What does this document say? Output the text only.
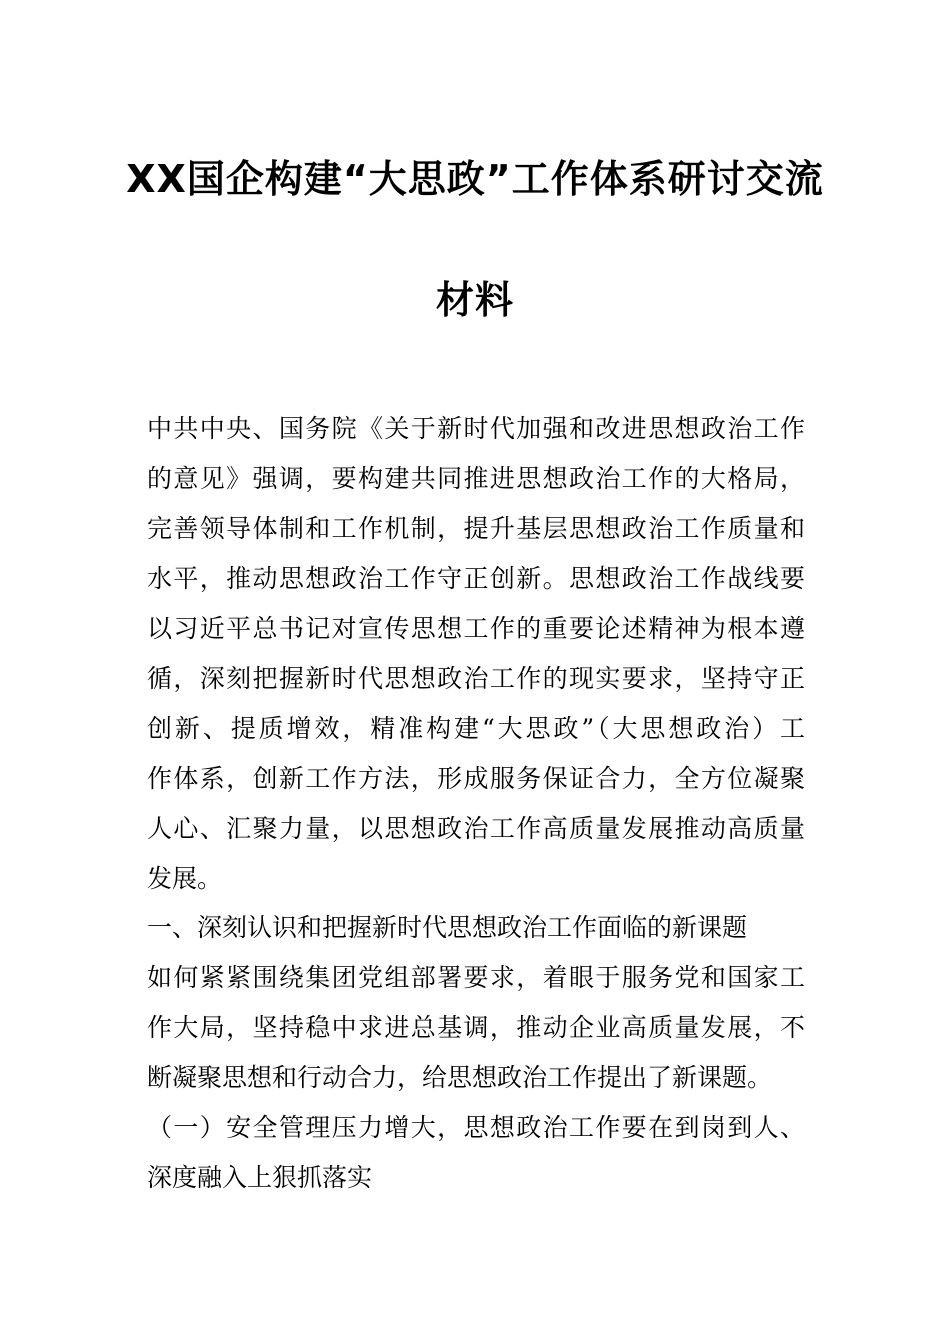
XX国企构建“大思政”工作体系研讨交流
材料
中共中央、国务院《关于新时代加强和改进思想政治工作
的意见》强调，要构建共同推进思想政治工作的大格局，
完善领导体制和工作机制，提升基层思想政治工作质量和
水平，推动思想政治工作守正创新。思想政治工作战线要
以习近平总书记对宣传思想工作的重要论述精神为根本遵
循，深刻把握新时代思想政治工作的现实要求，坚持守正
创新、提质增效，精准构建“大思政”（大思想政治）工
作体系，创新工作方法，形成服务保证合力，全方位凝聚
人心、汇聚力量，以思想政治工作高质量发展推动高质量
发展。
一、深刻认识和把握新时代思想政治工作面临的新课题
如何紧紧围绕集团党组部署要求，着眼于服务党和国家工
作大局，坚持稳中求进总基调，推动企业高质量发展，不
断凝聚思想和行动合力，给思想政治工作提出了新课题。
（一）安全管理压力增大，思想政治工作要在到岗到人、
深度融入上狠抓落实
